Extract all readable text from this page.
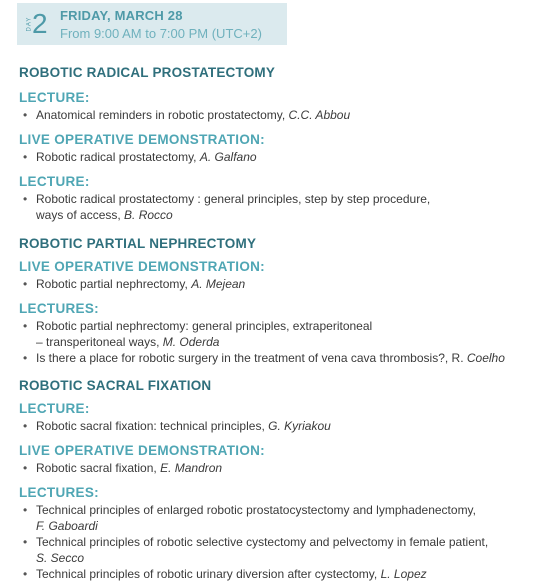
DAY 2 FRIDAY, MARCH 28
From 9:00 AM to 7:00 PM (UTC+2)
ROBOTIC RADICAL PROSTATECTOMY
LECTURE:
• Anatomical reminders in robotic prostatectomy, C.C. Abbou
LIVE OPERATIVE DEMONSTRATION:
• Robotic radical prostatectomy, A. Galfano
LECTURE:
• Robotic radical prostatectomy : general principles, step by step procedure,
ways of access, B. Rocco
ROBOTIC PARTIAL NEPHRECTOMY
LIVE OPERATIVE DEMONSTRATION:
• Robotic partial nephrectomy, A. Mejean
LECTURES:
• Robotic partial nephrectomy: general principles, extraperitoneal
– transperitoneal ways, M. Oderda
• Is there a place for robotic surgery in the treatment of vena cava thrombosis?, R. Coelho
ROBOTIC SACRAL FIXATION
LECTURE:
• Robotic sacral fixation: technical principles, G. Kyriakou
LIVE OPERATIVE DEMONSTRATION:
• Robotic sacral fixation, E. Mandron
LECTURES:
• Technical principles of enlarged robotic prostatocystectomy and lymphadenectomy,
F. Gaboardi
• Technical principles of robotic selective cystectomy and pelvectomy in female patient,
S. Secco
• Technical principles of robotic urinary diversion after cystectomy, L. Lopez
